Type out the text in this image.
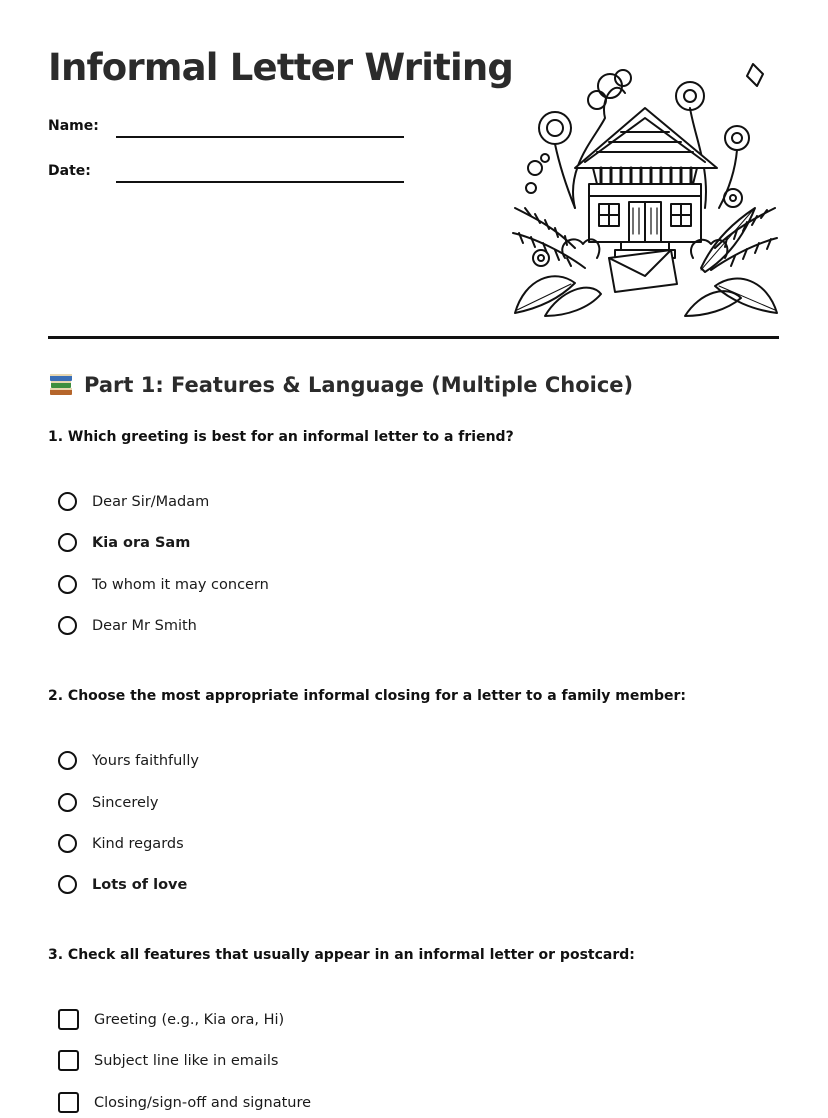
Informal Letter Writing
Name:
Date:
Part 1: Features & Language (Multiple Choice)

1. Which greeting is best for an informal letter to a friend?

Dear Sir/Madam
Kia ora Sam
To whom it may concern
Dear Mr Smith

2. Choose the most appropriate informal closing for a letter to a family member:

Yours faithfully
Sincerely
Kind regards
Lots of love

3. Check all features that usually appear in an informal letter or postcard:

Greeting (e.g., Kia ora, Hi)
Subject line like in emails
Closing/sign-off and signature
